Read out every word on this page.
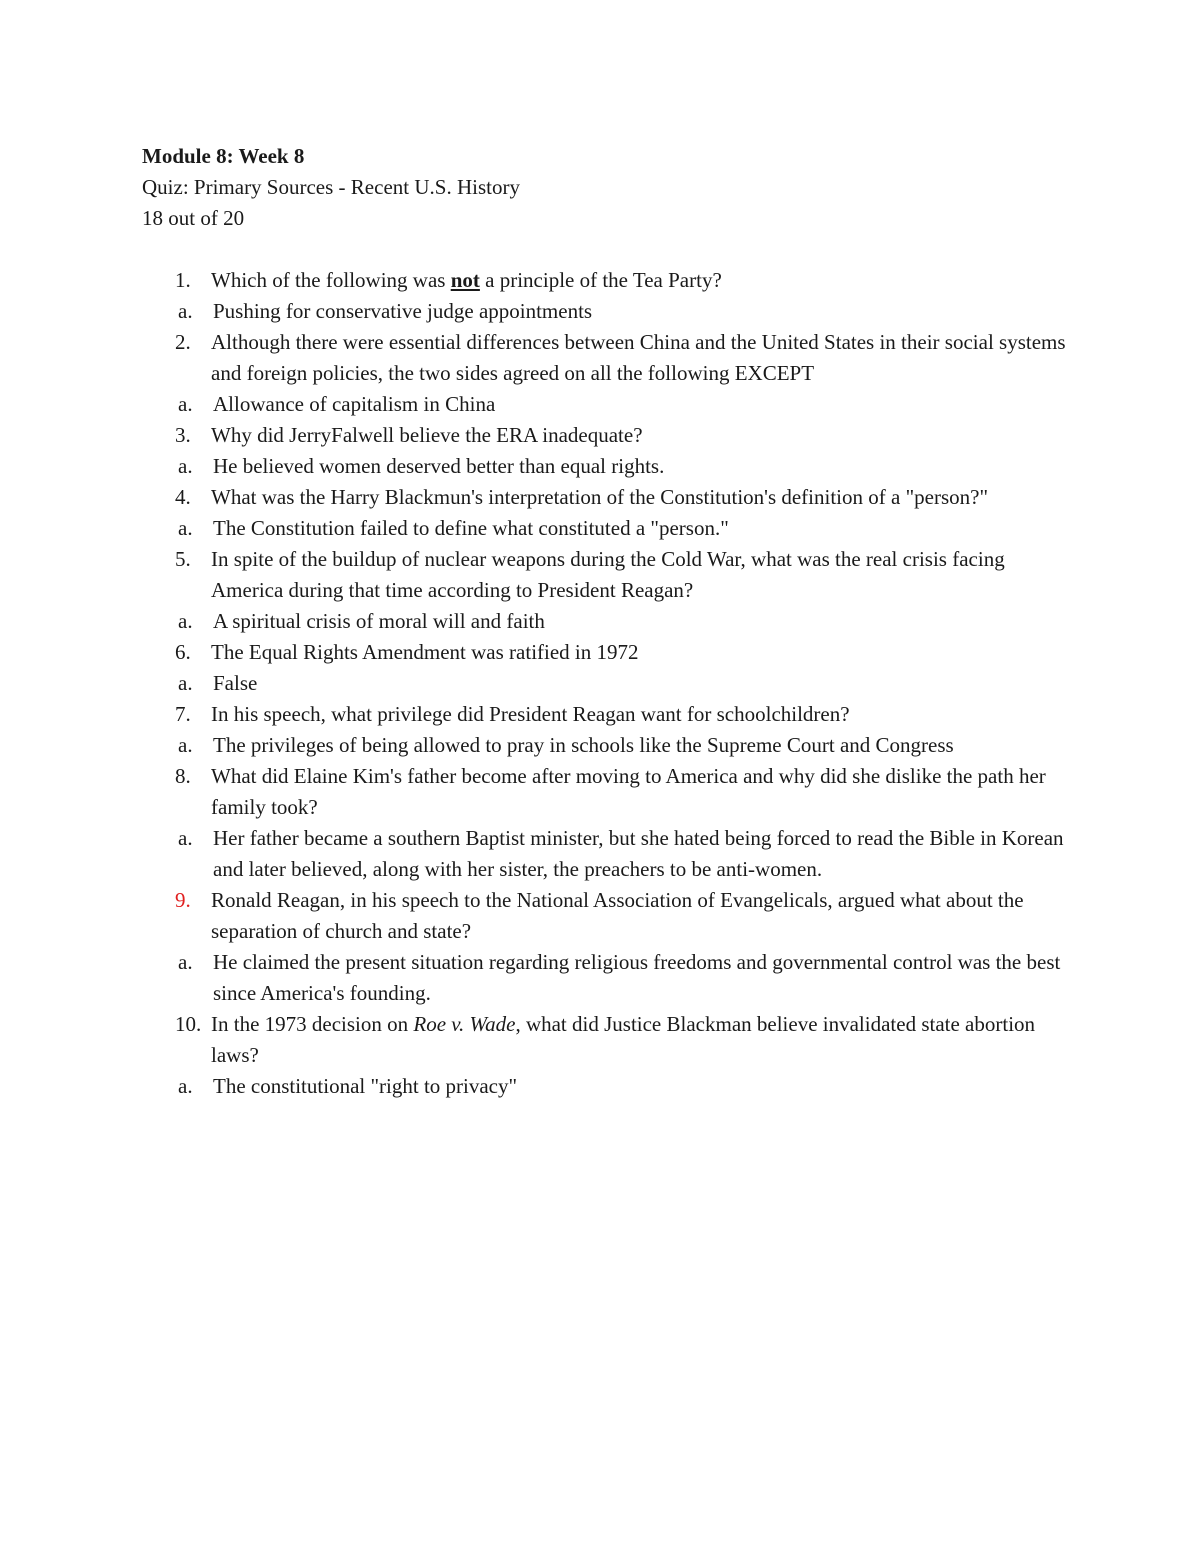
Module 8: Week 8
Quiz: Primary Sources - Recent U.S. History
18 out of 20
1. Which of the following was not a principle of the Tea Party?
a. Pushing for conservative judge appointments
2. Although there were essential differences between China and the United States in their social systems and foreign policies, the two sides agreed on all the following EXCEPT
a. Allowance of capitalism in China
3. Why did JerryFalwell believe the ERA inadequate?
a. He believed women deserved better than equal rights.
4. What was the Harry Blackmun's interpretation of the Constitution's definition of a "person?"
a. The Constitution failed to define what constituted a "person."
5. In spite of the buildup of nuclear weapons during the Cold War, what was the real crisis facing America during that time according to President Reagan?
a. A spiritual crisis of moral will and faith
6. The Equal Rights Amendment was ratified in 1972
a. False
7. In his speech, what privilege did President Reagan want for schoolchildren?
a. The privileges of being allowed to pray in schools like the Supreme Court and Congress
8. What did Elaine Kim's father become after moving to America and why did she dislike the path her family took?
a. Her father became a southern Baptist minister, but she hated being forced to read the Bible in Korean and later believed, along with her sister, the preachers to be anti-women.
9. Ronald Reagan, in his speech to the National Association of Evangelicals, argued what about the separation of church and state?
a. He claimed the present situation regarding religious freedoms and governmental control was the best since America's founding.
10. In the 1973 decision on Roe v. Wade, what did Justice Blackman believe invalidated state abortion laws?
a. The constitutional "right to privacy"
